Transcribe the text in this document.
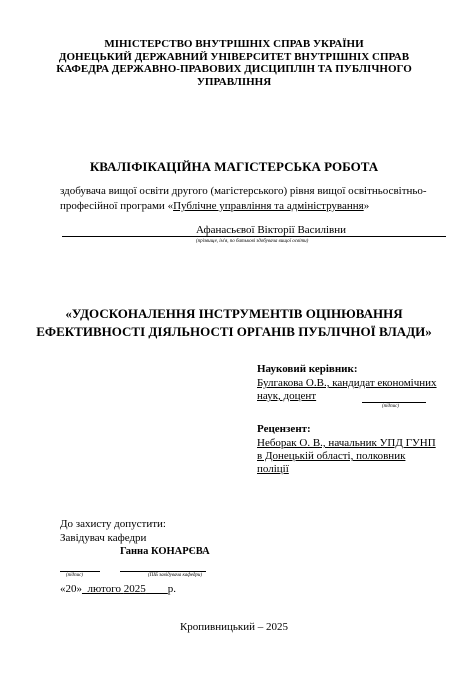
МІНІСТЕРСТВО ВНУТРІШНІХ СПРАВ УКРАЇНИ
ДОНЕЦЬКИЙ ДЕРЖАВНИЙ УНІВЕРСИТЕТ ВНУТРІШНІХ СПРАВ
КАФЕДРА ДЕРЖАВНО-ПРАВОВИХ ДИСЦИПЛІН ТА ПУБЛІЧНОГО
УПРАВЛІННЯ
КВАЛІФІКАЦІЙНА МАГІСТЕРСЬКА РОБОТА
здобувача вищої освіти другого (магістерського) рівня вищої освітньосвітньо-
професійної програми «Публічне управління та адміністрування»
Афанасьєвої Вікторії Василівни
(прізвище, ім'я, по батькові здобувача вищої освіти)
«УДОСКОНАЛЕННЯ ІНСТРУМЕНТІВ ОЦІНЮВАННЯ
ЕФЕКТИВНОСТІ ДІЯЛЬНОСТІ ОРГАНІВ ПУБЛІЧНОЇ ВЛАДИ»
Науковий керівник:
Булгакова О.В., кандидат економічних
наук, доцент
(підпис)
Рецензент:
Неборак О. В., начальник УПД ГУНП
в Донецькій області, полковник
поліції
До захисту допустити:
Завідувач кафедри
Ганна КОНАРЄВА
(підпис)	(ПІБ завідувача кафедри)
«20»_лютого 2025____р.
Кропивницький – 2025
